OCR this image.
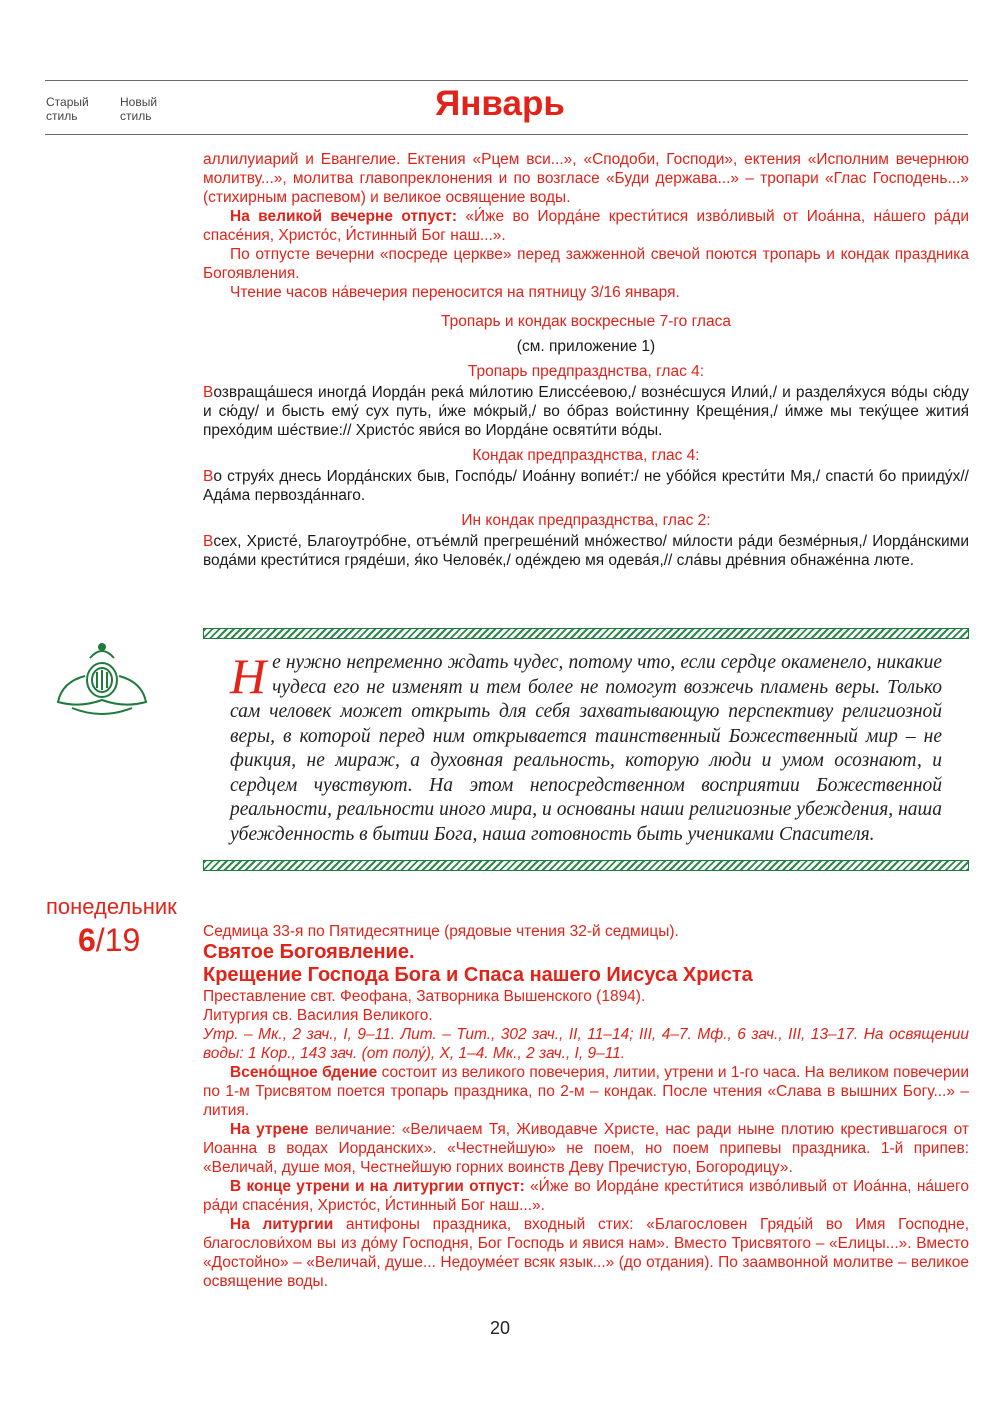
Старый стиль
Новый стиль	Январь

аллилуиарий и Евангелие. Ектения «Рцем вси...», «Сподоби, Господи», ектения «Исполним вечернюю молитву...», молитва главопреклонения и по возгласе «Буди держава...» – тропари «Глас Господень...» (стихирным распевом) и великое освящение воды.

На великой вечерне отпуст: «И́же во Иорда́не крести́тися изво́ливый от Иоа́нна, на́шего ра́ди спасе́ния, Христо́с, И́стинный Бог наш...».

По отпусте вечерни «посреде церкве» перед зажженной свечой поются тропарь и кондак праздника Богоявления.

Чтение часов на́вечерия переносится на пятницу 3/16 января.

Тропарь и кондак воскресные 7-го гласа

(см. приложение 1)

Тропарь предпразднства, глас 4:

Возвраща́шеся иногда́ Иорда́н река́ ми́лотию Елиссе́евою,/ возне́сшуся Илии́,/ и разделя́хуся во́ды сю́ду и сю́ду/ и бысть ему́ сух путь, и́же мо́крый,/ во о́браз вои́стинну Креще́ния,/ и́мже мы теку́щее жития́ прехо́дим ше́ствие:// Христо́с яви́ся во Иорда́не освяти́ти во́ды.

Кондак предпразднства, глас 4:

Во струя́х днесь Иорда́нских быв, Госпо́дь/ Иоа́нну вопие́т:/ не убо́йся крести́ти Мя,/ спасти́ бо прииду́х// Ада́ма первозда́ннаго.

Ин кондак предпразднства, глас 2:

Всех, Христе́, Благоутро́бне, отъе́млй прегреше́ний мно́жество/ ми́лости ра́ди безме́рныя,/ Иорда́нскими вода́ми крести́тися гряде́ши, я́ко Челове́к,/ оде́ждею мя одева́я,// сла́вы дре́вния обнаже́нна люте.

Не нужно непременно ждать чудес, потому что, если сердце окаменело, никакие чудеса его не изменят и тем более не помогут возжечь пламень веры. Только сам человек может открыть для себя захватывающую перспективу религиозной веры, в которой перед ним открывается таинственный Божественный мир – не фикция, не мираж, а духовная реальность, которую люди и умом осознают, и сердцем чувствуют. На этом непосредственном восприятии Божественной реальности, реальности иного мира, и основаны наши религиозные убеждения, наша убежденность в бытии Бога, наша готовность быть учениками Спасителя.
понедельник
6/19	Седмица 33-я по Пятидесятнице (рядовые чтения 32-й седмицы).

Святое Богоявление.

Крещение Господа Бога и Спаса нашего Иисуса Христа

Преставление свт. Феофана, Затворника Вышенского (1894).

Литургия св. Василия Великого.

Утр. – Мк., 2 зач., I, 9–11. Лит. – Тит., 302 зач., II, 11–14; III, 4–7. Мф., 6 зач., III, 13–17. На освящении воды: 1 Кор., 143 зач. (от полу́), X, 1–4. Мк., 2 зач., I, 9–11.

Всено́щное бдение состоит из великого повечерия, литии, утрени и 1-го часа. На великом повечерии по 1-м Трисвятом поется тропарь праздника, по 2-м – кондак. После чтения «Слава в вышних Богу...» – лития.

На утрене величание: «Величаем Тя, Живодавче Христе, нас ради ныне плотию крестившагося от Иоанна в водах Иорданских». «Честнейшую» не поем, но поем припевы праздника. 1-й припев: «Величай, душе моя, Честнейшую горних воинств Деву Пречистую, Богородицу».

В конце утрени и на литургии отпуст: «И́же во Иорда́не крести́тися изво́ливый от Иоа́нна, на́шего ра́ди спасе́ния, Христо́с, И́стинный Бог наш...».

На литургии антифоны праздника, входный стих: «Благословен Гряды́й во Имя Господне, благослови́хом вы из до́му Господня, Бог Господь и явися нам». Вместо Трисвятого – «Елицы...». Вместо «Достойно» – «Величай, душе... Недоуме́ет всяк язык...» (до отдания). По заамвонной молитве – великое освящение воды.

20
